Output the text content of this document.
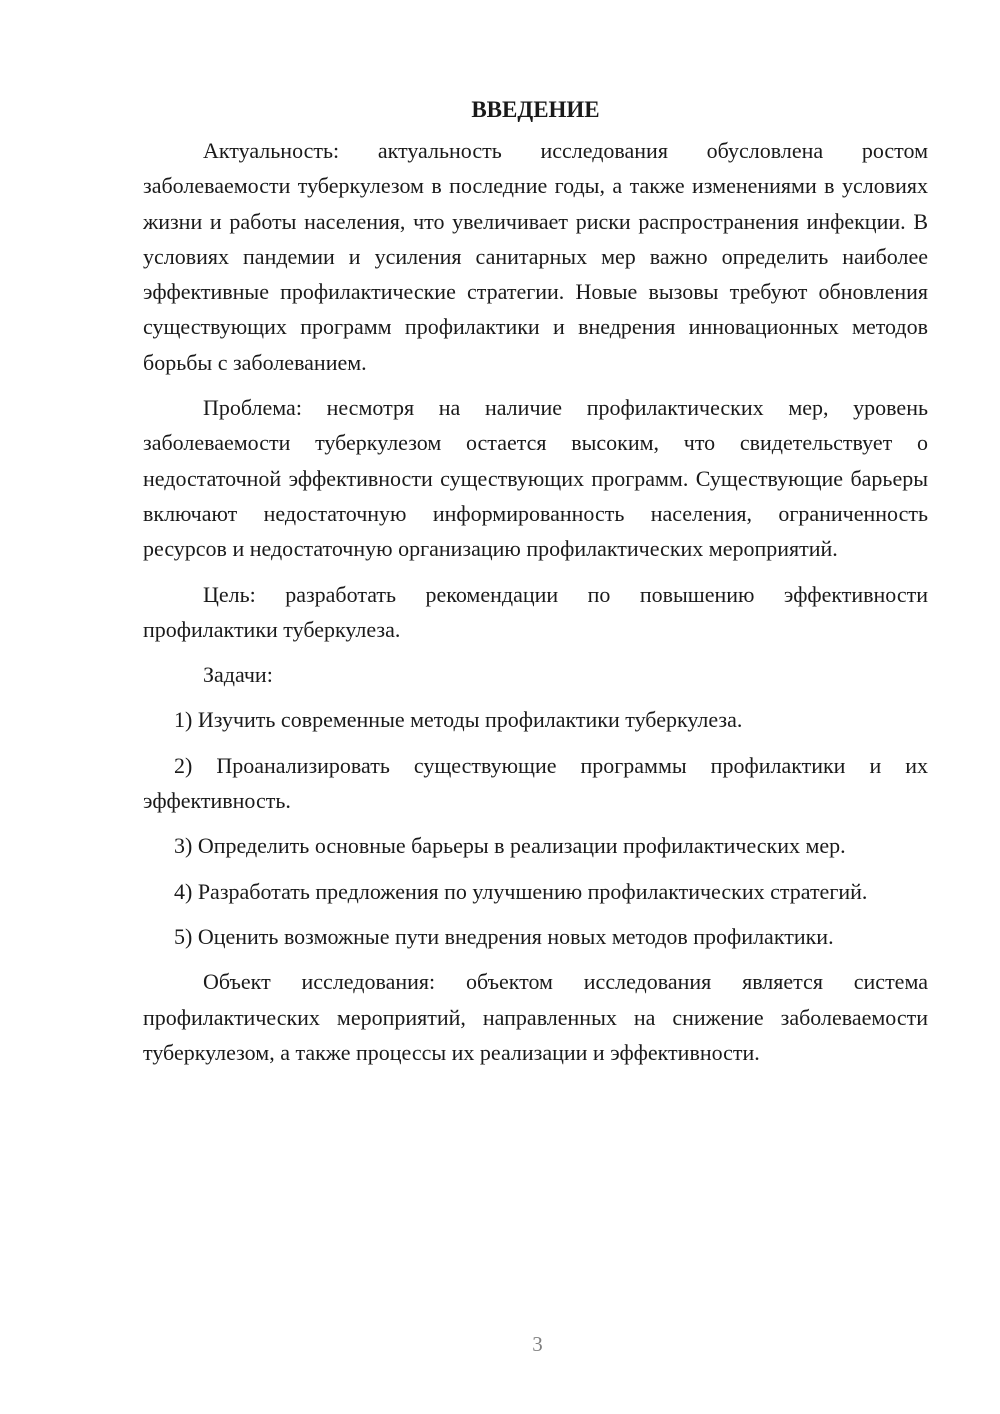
ВВЕДЕНИЕ

Актуальность: актуальность исследования обусловлена ростом заболеваемости туберкулезом в последние годы, а также изменениями в условиях жизни и работы населения, что увеличивает риски распространения инфекции. В условиях пандемии и усиления санитарных мер важно определить наиболее эффективные профилактические стратегии. Новые вызовы требуют обновления существующих программ профилактики и внедрения инновационных методов борьбы с заболеванием.

Проблема: несмотря на наличие профилактических мер, уровень заболеваемости туберкулезом остается высоким, что свидетельствует о недостаточной эффективности существующих программ. Существующие барьеры включают недостаточную информированность населения, ограниченность ресурсов и недостаточную организацию профилактических мероприятий.

Цель: разработать рекомендации по повышению эффективности профилактики туберкулеза.

Задачи:

1) Изучить современные методы профилактики туберкулеза.

2) Проанализировать существующие программы профилактики и их эффективность.

3) Определить основные барьеры в реализации профилактических мер.

4) Разработать предложения по улучшению профилактических стратегий.

5) Оценить возможные пути внедрения новых методов профилактики.

Объект исследования: объектом исследования является система профилактических мероприятий, направленных на снижение заболеваемости туберкулезом, а также процессы их реализации и эффективности.

3
